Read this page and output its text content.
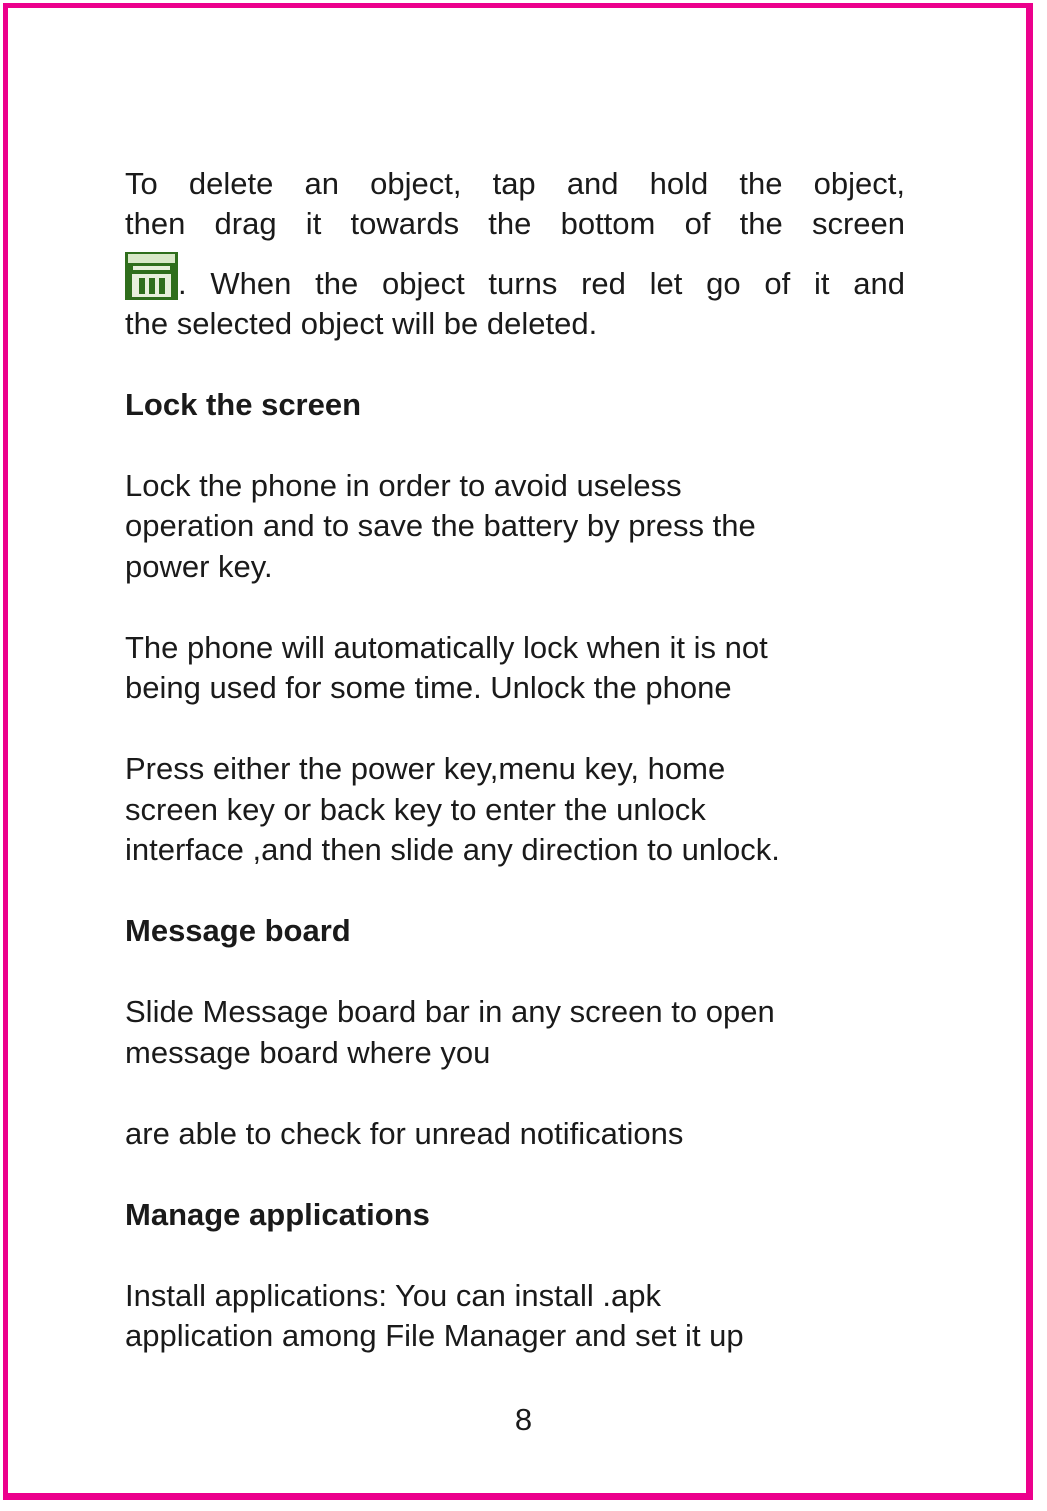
To delete an object, tap and hold the object,
then drag it towards the bottom of the screen
. When the object turns red let go of it and
the selected object will be deleted.
Lock the screen
Lock the phone in order to avoid useless
operation and to save the battery by press the
power key.
The phone will automatically lock when it is not
being used for some time. Unlock the phone
Press either the power key,menu key, home
screen key or back key to enter the unlock
interface ,and then slide any direction to unlock.
Message board
Slide Message board bar in any screen to open
message board where you
are able to check for unread notifications
Manage applications
Install applications: You can install .apk
application among File Manager and set it up
8
